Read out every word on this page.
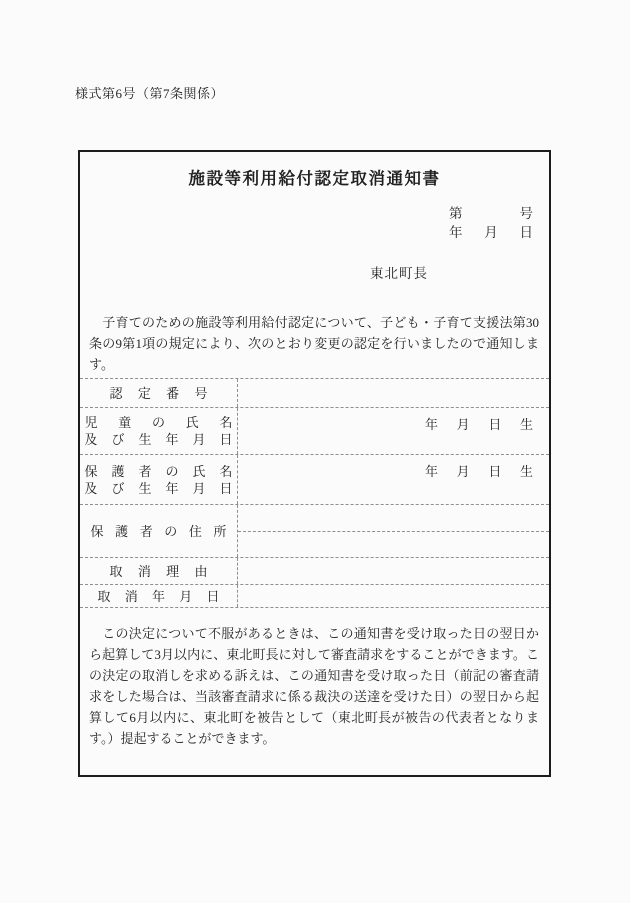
様式第6号（第7条関係）
施設等利用給付認定取消通知書
第	号
年 月 日
東北町長

　子育てのための施設等利用給付認定について、子ども・子育て支援法第30条の9第1項の規定により、次のとおり変更の認定を行いましたので通知します。

認定番号
児童の氏名
及び生年月日
年 月 日 生
保護者の氏名
及び生年月日
年 月 日 生
保護者の住所
取消理由
取消年月日

　この決定について不服があるときは、この通知書を受け取った日の翌日から起算して3月以内に、東北町長に対して審査請求をすることができます。この決定の取消しを求める訴えは、この通知書を受け取った日（前記の審査請求をした場合は、当該審査請求に係る裁決の送達を受けた日）の翌日から起算して6月以内に、東北町を被告として（東北町長が被告の代表者となります。）提起することができます。
